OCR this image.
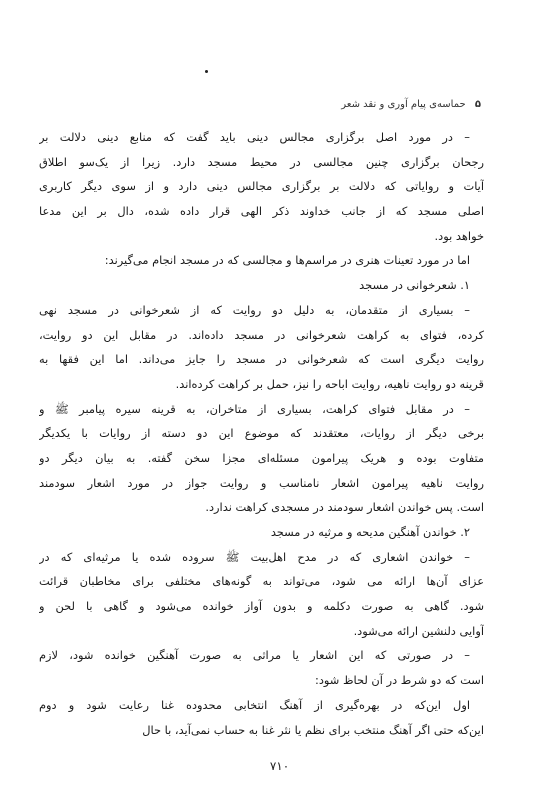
۵ حماسه‌ی پیام آوری و نقد شعر
– در مورد اصل برگزاری مجالس دینی باید گفت که منابع دینی دلالت بر
رجحان برگزاری چنین مجالسی در محیط مسجد دارد. زیرا از یک‌سو اطلاق
آیات و روایاتی که دلالت بر برگزاری مجالس دینی دارد و از سوی دیگر کاربری
اصلی مسجد که از جانب خداوند ذکر الهی قرار داده شده، دال بر این مدعا
خواهد بود.
اما در مورد تعینات هنری در مراسم‌ها و مجالسی که در مسجد انجام می‌گیرند:
۱. شعرخوانی در مسجد
– بسیاری از متقدمان، به دلیل دو روایت که از شعرخوانی در مسجد نهی
کرده، فتوای به کراهت شعرخوانی در مسجد داده‌اند. در مقابل این دو روایت،
روایت دیگری است که شعرخوانی در مسجد را جایز می‌داند. اما این فقها به
قرینه دو روایت ناهیه، روایت اباحه را نیز، حمل بر کراهت کرده‌اند.
– در مقابل فتوای کراهت، بسیاری از متاخران، به قرینه سیره پیامبر ﷺ و
برخی دیگر از روایات، معتقدند که موضوع این دو دسته از روایات با یکدیگر
متفاوت بوده و هریک پیرامون مسئله‌ای مجزا سخن گفته. به بیان دیگر دو
روایت ناهیه پیرامون اشعار نامناسب و روایت جواز در مورد اشعار سودمند
است. پس خواندن اشعار سودمند در مسجدی کراهت ندارد.
۲. خواندن آهنگین مدیحه و مرثیه در مسجد
– خواندن اشعاری که در مدح اهل‌بیت ﷺ سروده شده یا مرثیه‌ای که در
عزای آن‌ها ارائه می شود، می‌تواند به گونه‌های مختلفی برای مخاطبان قرائت
شود. گاهی به صورت دکلمه و بدون آواز خوانده می‌شود و گاهی با لحن و
آوایی دلنشین ارائه می‌شود.
– در صورتی که این اشعار یا مراثی به صورت آهنگین خوانده شود، لازم
است که دو شرط در آن لحاظ شود:
اول این‌که در بهره‌گیری از آهنگ انتخابی محدوده غنا رعایت شود و دوم
این‌که حتی اگر آهنگ منتخب برای نظم یا نثر غنا به حساب نمی‌آید، با حال
۷۱۰
